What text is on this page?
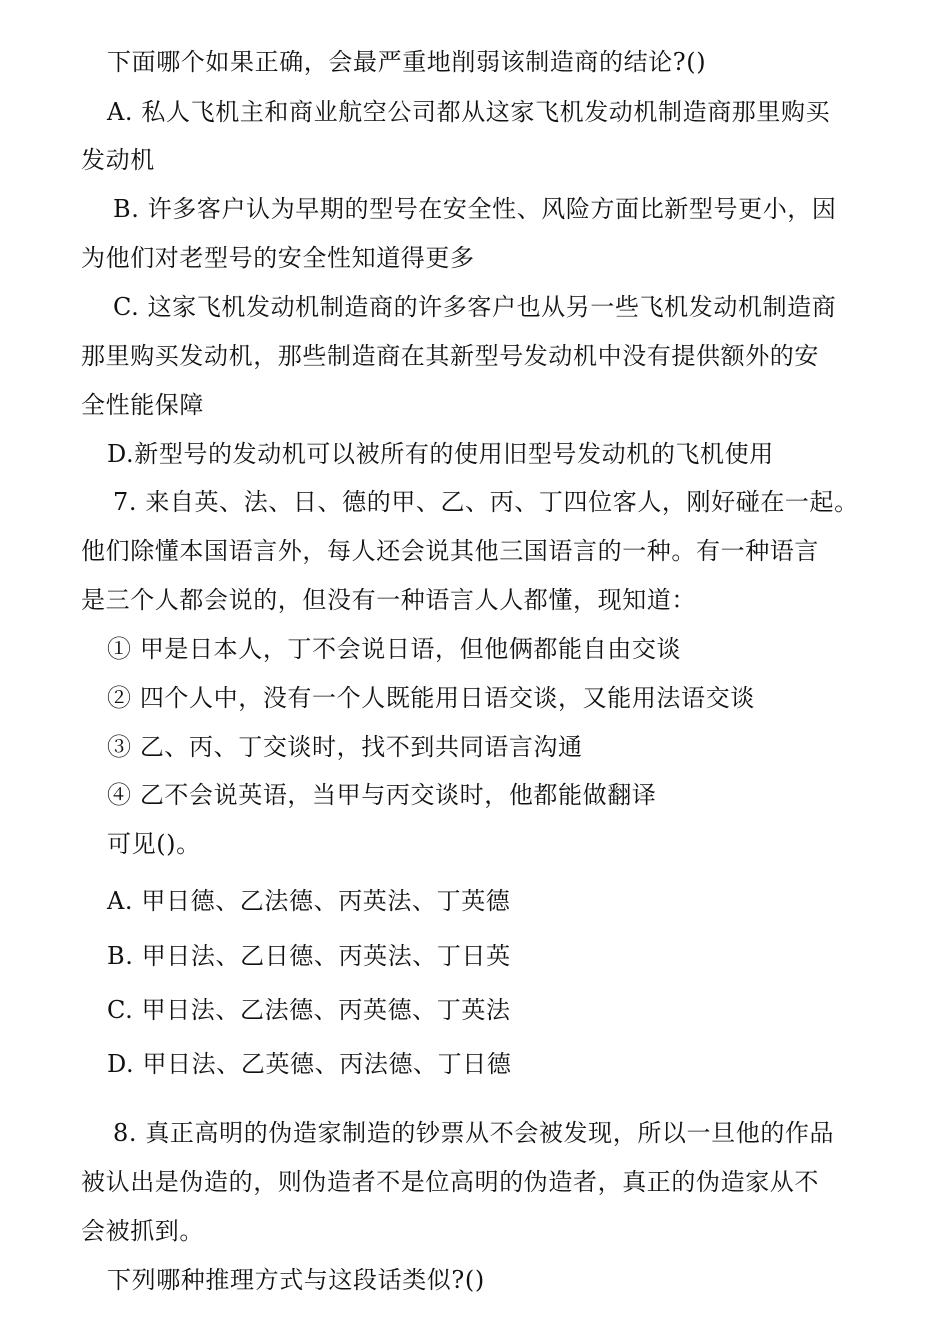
下面哪个如果正确，会最严重地削弱该制造商的结论?()
A. 私人飞机主和商业航空公司都从这家飞机发动机制造商那里购买
发动机
B. 许多客户认为早期的型号在安全性、风险方面比新型号更小，因
为他们对老型号的安全性知道得更多
C. 这家飞机发动机制造商的许多客户也从另一些飞机发动机制造商
那里购买发动机，那些制造商在其新型号发动机中没有提供额外的安
全性能保障
D.新型号的发动机可以被所有的使用旧型号发动机的飞机使用
7. 来自英、法、日、德的甲、乙、丙、丁四位客人，刚好碰在一起。
他们除懂本国语言外，每人还会说其他三国语言的一种。有一种语言
是三个人都会说的，但没有一种语言人人都懂，现知道：
① 甲是日本人，丁不会说日语，但他俩都能自由交谈
② 四个人中，没有一个人既能用日语交谈，又能用法语交谈
③ 乙、丙、丁交谈时，找不到共同语言沟通
④ 乙不会说英语，当甲与丙交谈时，他都能做翻译
可见()。
A. 甲日德、乙法德、丙英法、丁英德
B. 甲日法、乙日德、丙英法、丁日英
C. 甲日法、乙法德、丙英德、丁英法
D. 甲日法、乙英德、丙法德、丁日德
8. 真正高明的伪造家制造的钞票从不会被发现，所以一旦他的作品
被认出是伪造的，则伪造者不是位高明的伪造者，真正的伪造家从不
会被抓到。
下列哪种推理方式与这段话类似?()
